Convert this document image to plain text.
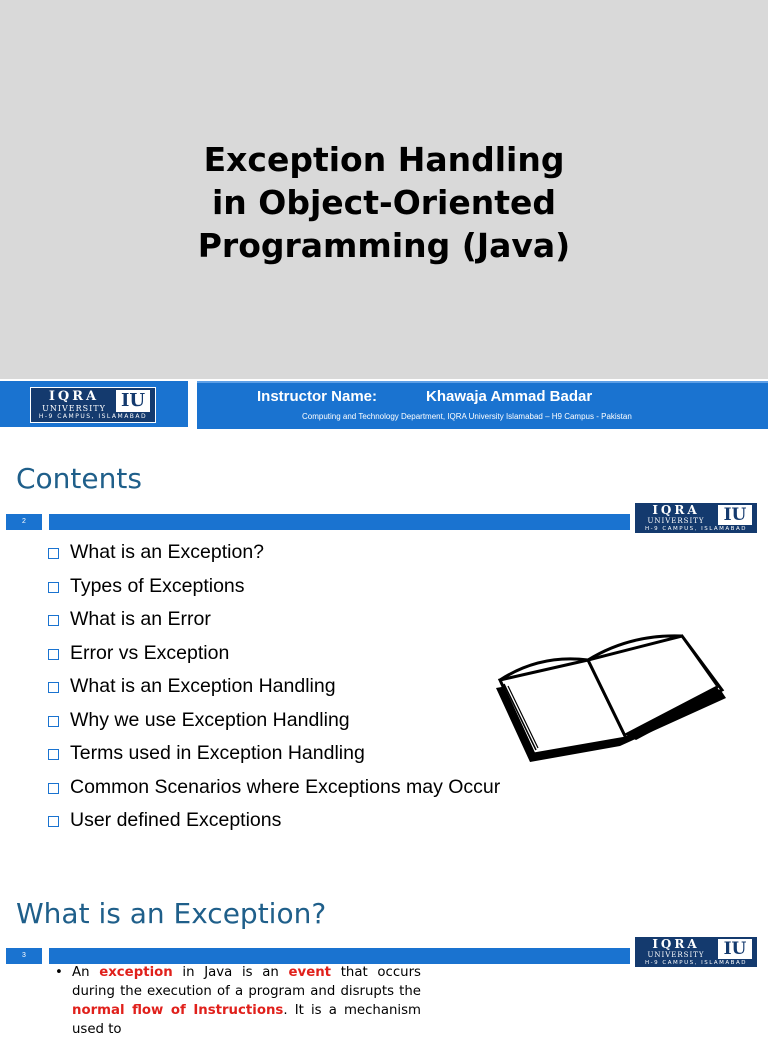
Exception Handling
in Object-Oriented
Programming (Java)
IQRA
UNIVERSITY IU
H-9 CAMPUS, ISLAMABAD
Instructor Name:	Khawaja Ammad Badar
Computing and Technology Department, IQRA University Islamabad – H9 Campus - Pakistan
Contents
2
IQRA
UNIVERSITY	IU
H-9 CAMPUS, ISLAMABAD
What is an Exception?
Types of Exceptions
What is an Error
Error vs Exception
What is an Exception Handling
Why we use Exception Handling
Terms used in Exception Handling
Common Scenarios where Exceptions may Occur
User defined Exceptions
What is an Exception?
3
IQRA
UNIVERSITY	IU
H-9 CAMPUS, ISLAMABAD
• An exception in Java is an event that occurs during the execution of a program and disrupts the normal flow of Instructions. It is a mechanism used to
